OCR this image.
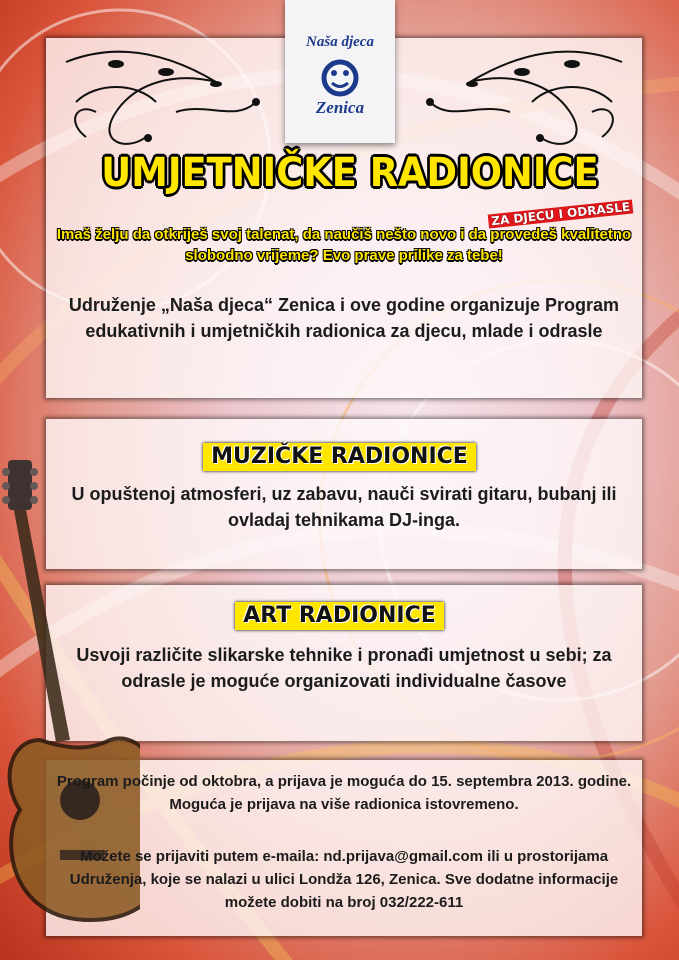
Naša djeca
Zenica
UMJETNIČKE RADIONICE
ZA DJECU I ODRASLE

Imaš želju da otkriješ svoj talenat, da naučiš nešto novo i da provedeš kvalitetno slobodno vrijeme? Evo prave prilike za tebe!

Udruženje „Naša djeca“ Zenica i ove godine organizuje Program edukativnih i umjetničkih radionica za djecu, mlade i odrasle

MUZIČKE RADIONICE

U opuštenoj atmosferi, uz zabavu, nauči svirati gitaru, bubanj ili ovladaj tehnikama DJ-inga.

ART RADIONICE

Usvoji različite slikarske tehnike i pronađi umjetnost u sebi; za odrasle je moguće organizovati individualne časove

Program počinje od oktobra, a prijava je moguća do 15. septembra 2013. godine. Moguća je prijava na više radionica istovremeno.

Možete se prijaviti putem e-maila: nd.prijava@gmail.com ili u prostorijama Udruženja, koje se nalazi u ulici Londža 126, Zenica. Sve dodatne informacije možete dobiti na broj 032/222-611
